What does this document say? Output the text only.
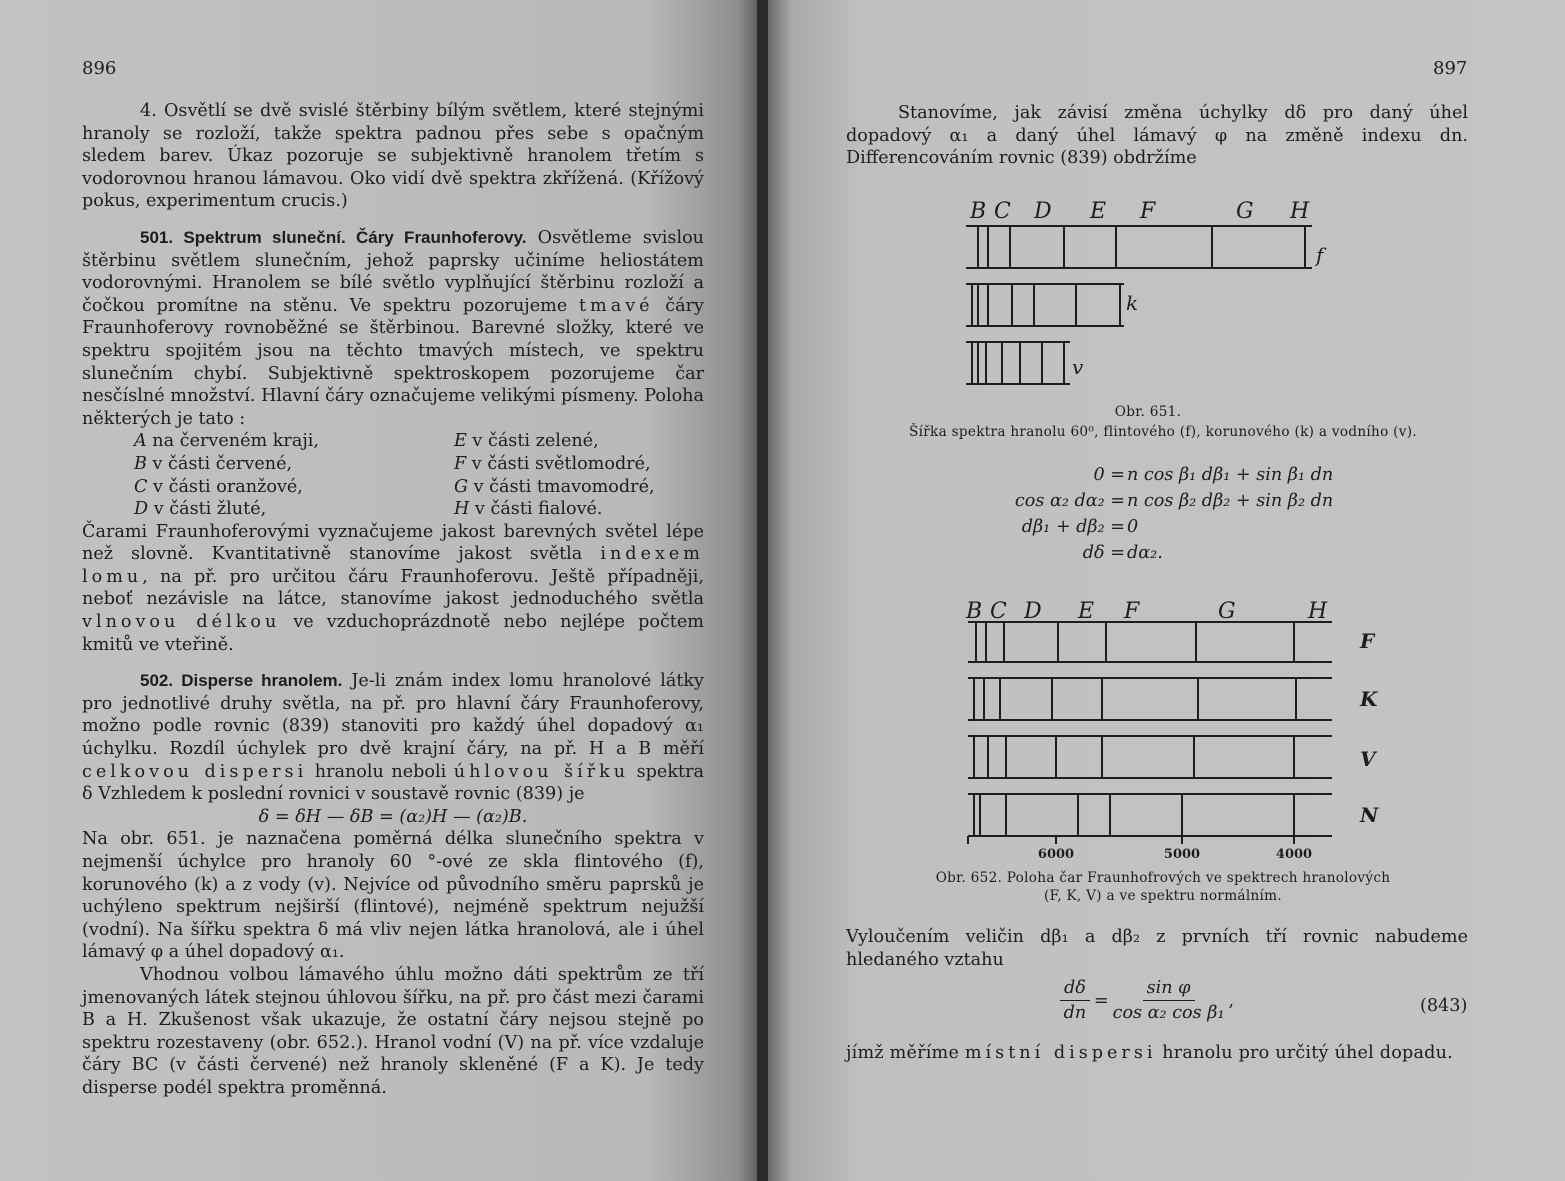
896

4. Osvětlí se dvě svislé štěrbiny bílým světlem, které stejnými hranoly se rozloží, takže spektra padnou přes sebe s opačným sledem barev. Úkaz pozoruje se subjektivně hranolem třetím s vodorovnou hranou lámavou. Oko vidí dvě spektra zkřížená. (Křížový pokus, experimentum crucis.)

501. Spektrum sluneční. Čáry Fraunhoferovy. Osvětleme svislou štěrbinu světlem slunečním, jehož paprsky učiníme heliostátem vodorovnými. Hranolem se bílé světlo vyplňující štěrbinu rozloží a čočkou promítne na stěnu. Ve spektru pozorujeme tmavé čáry Fraunhoferovy rovnoběžné se štěrbinou. Barevné složky, které ve spektru spojitém jsou na těchto tmavých místech, ve spektru slunečním chybí. Subjektivně spektroskopem pozorujeme čar nesčíslné množství. Hlavní čáry označujeme velikými písmeny. Poloha některých je tato :

A na červeném kraji,	E v části zelené,
B v části červené,	F v části světlomodré,
C v části oranžové,	G v části tmavomodré,
D v části žluté,	H v části fialové.

Čarami Fraunhoferovými vyznačujeme jakost barevných světel lépe než slovně. Kvantitativně stanovíme jakost světla indexem lomu, na př. pro určitou čáru Fraunhoferovu. Ještě případněji, neboť nezávisle na látce, stanovíme jakost jednoduchého světla vlnovou délkou ve vzduchoprázdnotě nebo nejlépe počtem kmitů ve vteřině.

502. Disperse hranolem. Je-li znám index lomu hranolové látky pro jednotlivé druhy světla, na př. pro hlavní čáry Fraunhoferovy, možno podle rovnic (839) stanoviti pro každý úhel dopadový α₁ úchylku. Rozdíl úchylek pro dvě krajní čáry, na př. H a B měří celkovou dispersi hranolu neboli úhlovou šířku spektra δ Vzhledem k poslední rovnici v soustavě rovnic (839) je

δ = δH — δB = (α₂)H — (α₂)B.

Na obr. 651. je naznačena poměrná délka slunečního spektra v nejmenší úchylce pro hranoly 60 °-ové ze skla flintového (f), korunového (k) a z vody (v). Nejvíce od původního směru paprsků je uchýleno spektrum nejširší (flintové), nejméně spektrum nejužší (vodní). Na šířku spektra δ má vliv nejen látka hranolová, ale i úhel lámavý φ a úhel dopadový α₁.

Vhodnou volbou lámavého úhlu možno dáti spektrům ze tří jmenovaných látek stejnou úhlovou šířku, na př. pro část mezi čarami B a H. Zkušenost však ukazuje, že ostatní čáry nejsou stejně po spektru rozestaveny (obr. 652.). Hranol vodní (V) na př. více vzdaluje čáry BC (v části červené) než hranoly skleněné (F a K). Je tedy disperse podél spektra proměnná.

897
Stanovíme, jak závisí změna úchylky dδ pro daný úhel dopadový α₁ a daný úhel lámavý φ na změně indexu dn. Differencováním rovnic (839) obdržíme
B C D E F	G H
f
k
v
Obr. 651.
Šířka spektra hranolu 60⁰, flintového (f), korunového (k) a vodního (v).
0 = n cos β₁ dβ₁ + sin β₁ dn
cos α₂ dα₂ = n cos β₂ dβ₂ + sin β₂ dn
dβ₁ + dβ₂ = 0
dδ = dα₂.
B C D E F	G	H
F
K
V
N
6000	5000	4000
Obr. 652. Poloha čar Fraunhofrových ve spektrech hranolových
(F, K, V) a ve spektru normálním.
Vyloučením veličin dβ₁ a dβ₂ z prvních tří rovnic nabudeme hledaného vztahu
$\frac{d\delta}{dn} = \frac{\text{sin φ}}{\text{cos α₂ cos β₁}}$ ,	(843)
jímž měříme místní dispersi hranolu pro určitý úhel dopadu.
